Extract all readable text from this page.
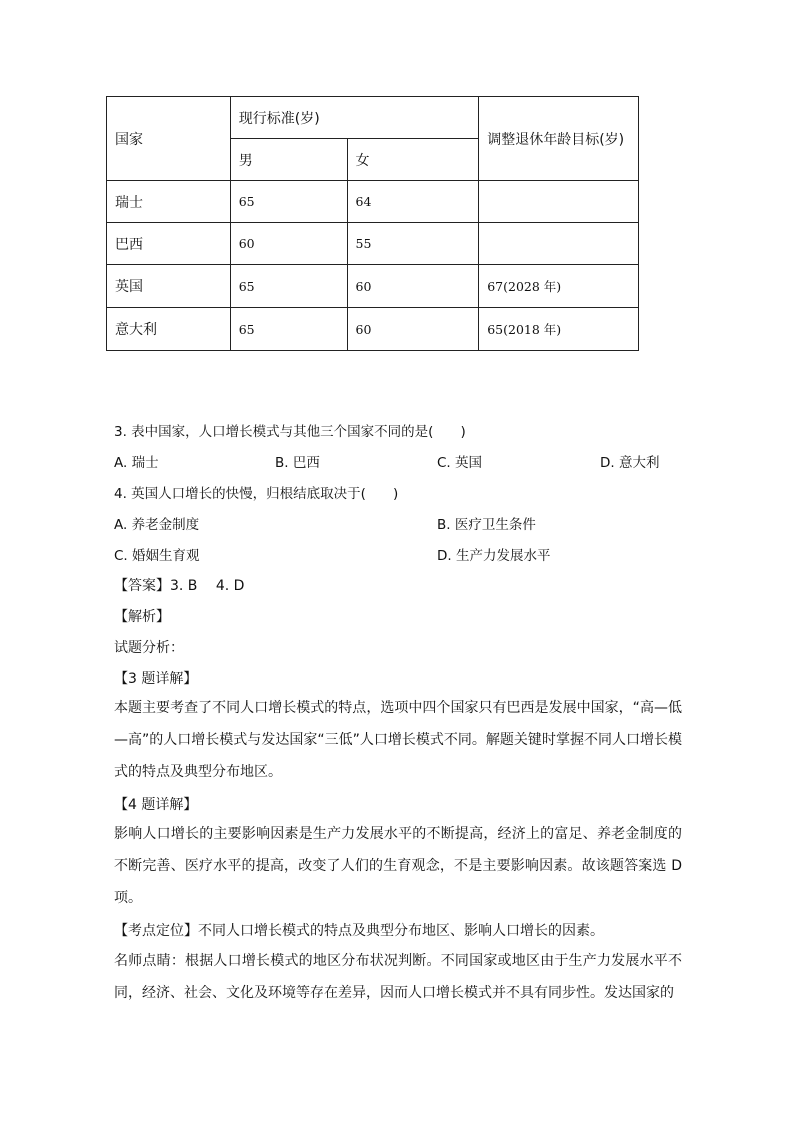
国家	现行标准(岁)		调整退休年龄目标(岁)
	男	女	
瑞士	65	64	
巴西	60	55	
英国	65	60	67(2028 年)
意大利	65	60	65(2018 年)
3. 表中国家，人口增长模式与其他三个国家不同的是(　　)
A. 瑞士	B. 巴西	C. 英国	D. 意大利
4. 英国人口增长的快慢，归根结底取决于(　　)
A. 养老金制度	B. 医疗卫生条件
C. 婚姻生育观	D. 生产力发展水平
【答案】3. B　 4. D
【解析】
试题分析：
【3 题详解】
本题主要考查了不同人口增长模式的特点，选项中四个国家只有巴西是发展中国家，“高—低—高”的人口增长模式与发达国家“三低”人口增长模式不同。解题关键时掌握不同人口增长模式的特点及典型分布地区。
【4 题详解】
影响人口增长的主要影响因素是生产力发展水平的不断提高，经济上的富足、养老金制度的不断完善、医疗水平的提高，改变了人们的生育观念，不是主要影响因素。故该题答案选 D 项。
【考点定位】不同人口增长模式的特点及典型分布地区、影响人口增长的因素。
名师点睛：根据人口增长模式的地区分布状况判断。不同国家或地区由于生产力发展水平不同，经济、社会、文化及环境等存在差异，因而人口增长模式并不具有同步性。发达国家的
